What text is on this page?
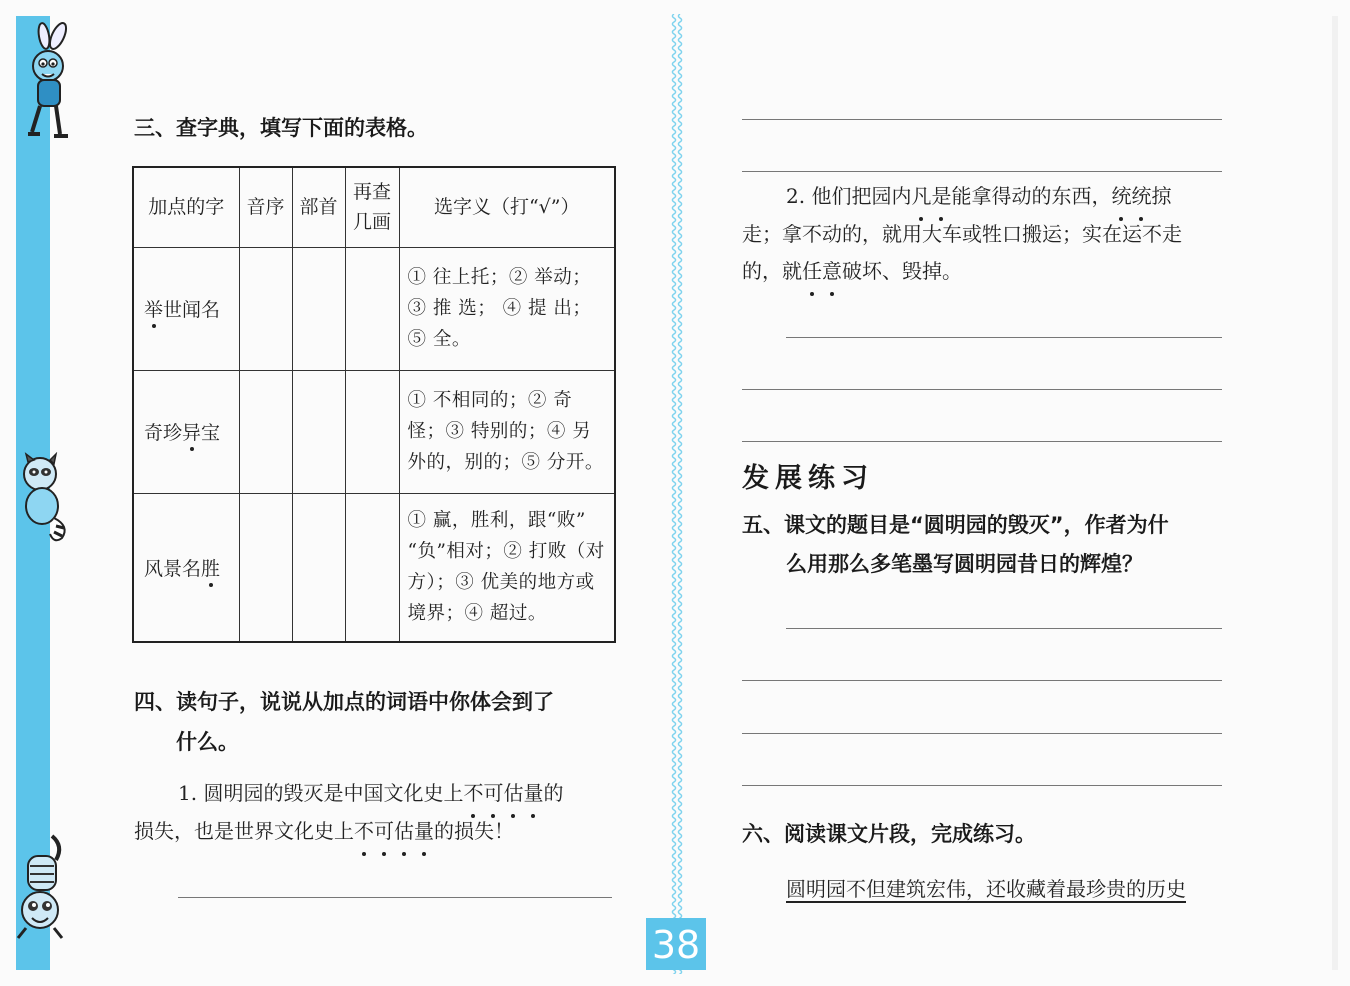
三、查字典，填写下面的表格。
加点的字	音序	部首	再查
几画	选字义（打“√”）
举世闻名				① 往上托；② 举动；
③ 推 选； ④ 提 出；
⑤ 全。

奇珍异宝				① 不相同的；② 奇
怪；③ 特别的；④ 另
外的，别的；⑤ 分开。

风景名胜				① 赢，胜利，跟“败”
“负”相对；② 打败（对
方）；③ 优美的地方或
境界；④ 超过。
四、读句子，说说从加点的词语中你体会到了
什么。
1. 圆明园的毁灭是中国文化史上不可估量的
损失，也是世界文化史上不可估量的损失！
2. 他们把园内凡是能拿得动的东西，统统掠
走；拿不动的，就用大车或牲口搬运；实在运不走
的，就任意破坏、毁掉。
发展练习
五、课文的题目是“圆明园的毁灭”，作者为什
么用那么多笔墨写圆明园昔日的辉煌？
六、阅读课文片段，完成练习。
圆明园不但建筑宏伟，还收藏着最珍贵的历史
38
